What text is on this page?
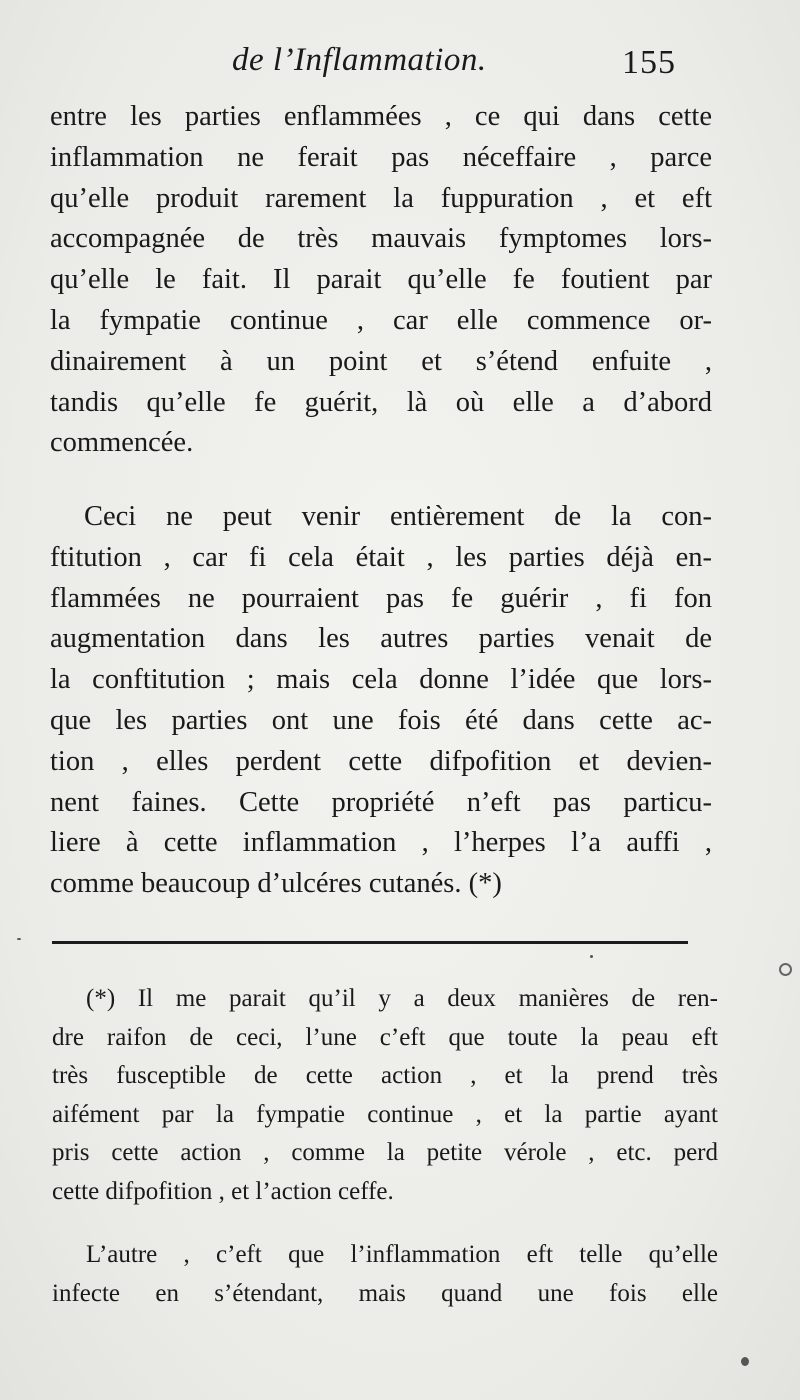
de l’Inflammation.	155
entre les parties enflammées , ce qui dans cette
inflammation ne ferait pas néceffaire , parce
qu’elle produit rarement la fuppuration , et eft
accompagnée de très mauvais fymptomes lors-
qu’elle le fait. Il parait qu’elle fe foutient par
la fympatie continue , car elle commence or-
dinairement à un point et s’étend enfuite ,
tandis qu’elle fe guérit, là où elle a d’abord
commencée.
Ceci ne peut venir entièrement de la con-
ftitution , car fi cela était , les parties déjà en-
flammées ne pourraient pas fe guérir , fi fon
augmentation dans les autres parties venait de
la conftitution ; mais cela donne l’idée que lors-
que les parties ont une fois été dans cette ac-
tion , elles perdent cette difpofition et devien-
nent faines. Cette propriété n’eft pas particu-
liere à cette inflammation , l’herpes l’a auffi ,
comme beaucoup d’ulcéres cutanés. (*)
(*) Il me parait qu’il y a deux manières de ren-
dre raifon de ceci, l’une c’eft que toute la peau eft
très fusceptible de cette action , et la prend très
aifément par la fympatie continue , et la partie ayant
pris cette action , comme la petite vérole , etc. perd
cette difpofition , et l’action ceffe.
L’autre , c’eft que l’inflammation eft telle qu’elle
infecte en s’étendant, mais quand une fois elle
